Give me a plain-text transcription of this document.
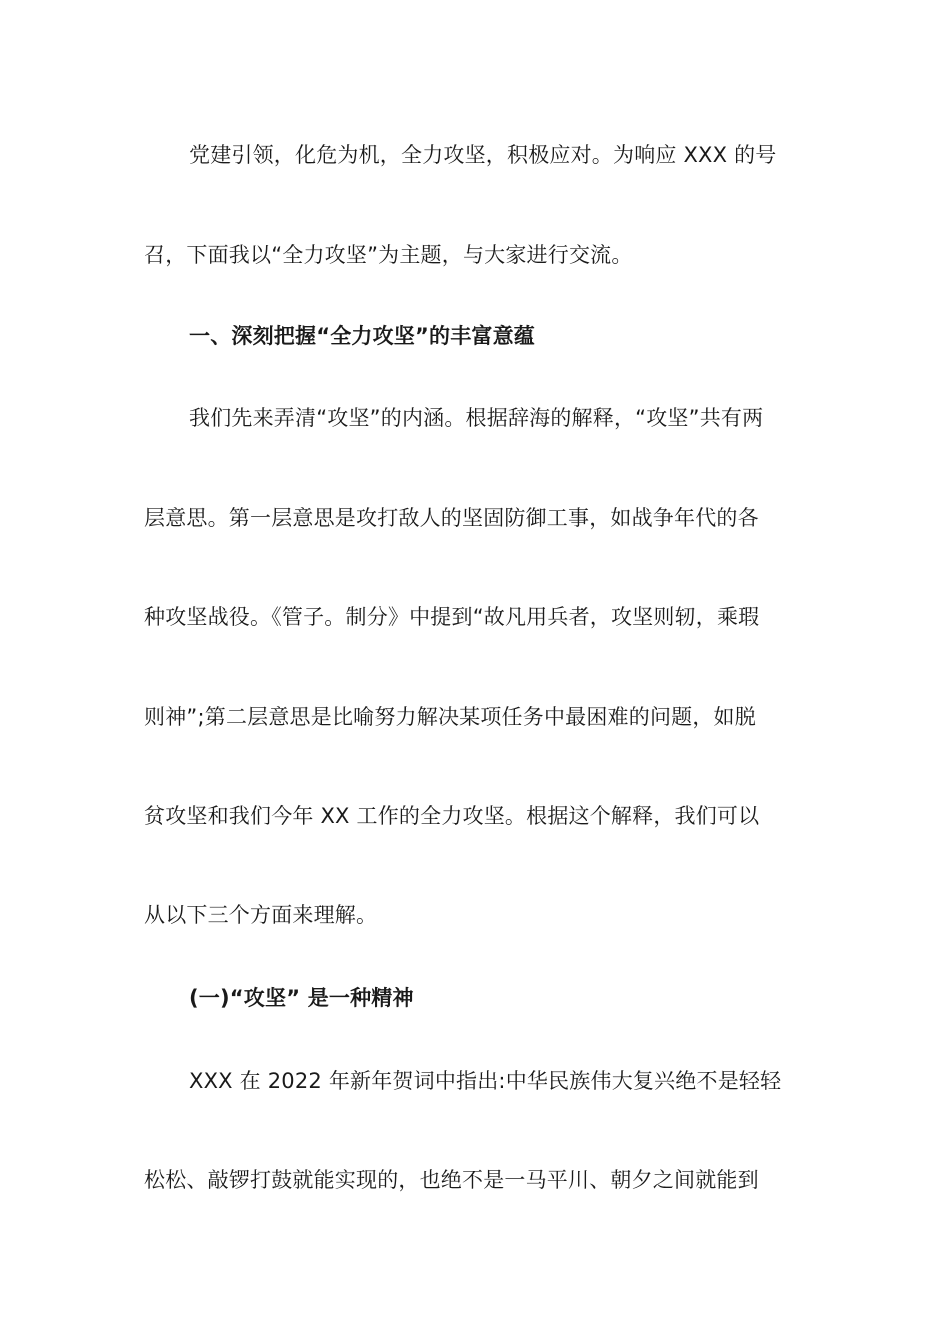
党建引领，化危为机，全力攻坚，积极应对。为响应 XXX 的号
召，下面我以“全力攻坚”为主题，与大家进行交流。
一、深刻把握“全力攻坚”的丰富意蕴
我们先来弄清“攻坚”的内涵。根据辞海的解释，“攻坚”共有两
层意思。第一层意思是攻打敌人的坚固防御工事，如战争年代的各
种攻坚战役。《管子。制分》中提到“故凡用兵者，攻坚则轫，乘瑕
则神”;第二层意思是比喻努力解决某项任务中最困难的问题，如脱
贫攻坚和我们今年 XX 工作的全力攻坚。根据这个解释，我们可以
从以下三个方面来理解。
(一)“攻坚” 是一种精神
XXX 在 2022 年新年贺词中指出:中华民族伟大复兴绝不是轻轻
松松、敲锣打鼓就能实现的，也绝不是一马平川、朝夕之间就能到
